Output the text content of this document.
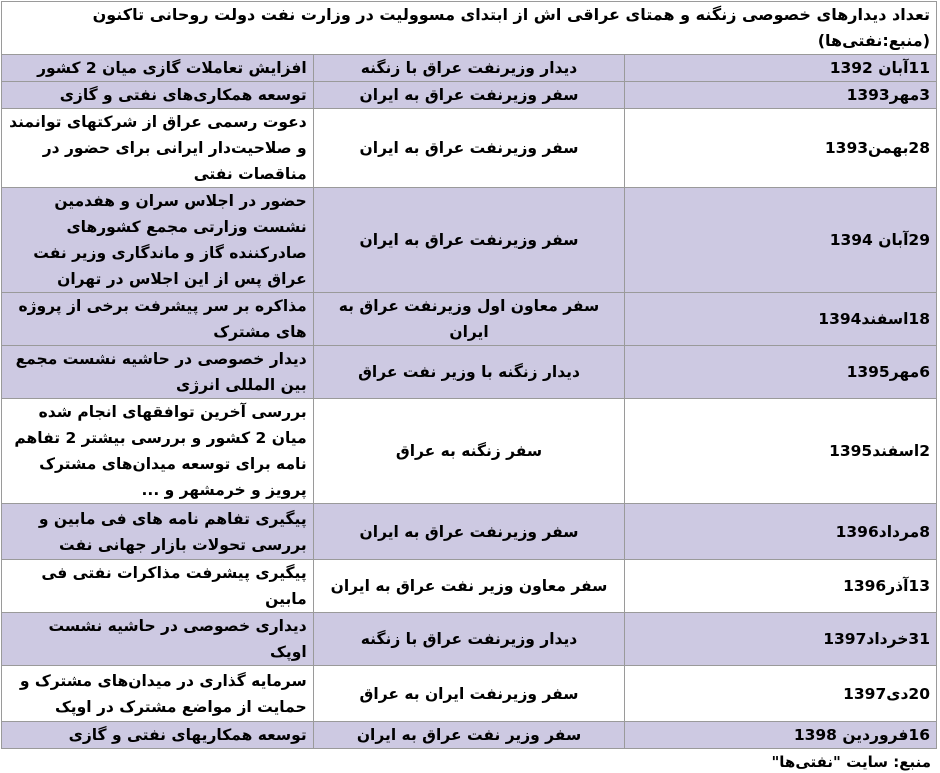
تعداد دیدارهای خصوصی زنگنه و همتای عراقی اش از ابتدای مسوولیت در وزارت نفت دولت روحانی تاکنون (منبع:نفتی‌ها)		
11آبان 1392	دیدار وزیرنفت عراق با زنگنه	افزایش تعاملات گازی میان 2 کشور
3مهر1393	سفر وزیرنفت عراق به ایران	توسعه همکاری‌های نفتی و گازی
28بهمن1393	سفر وزیرنفت عراق به ایران	دعوت رسمی عراق از شرکتهای توانمند و صلاحیت‌دار ایرانی برای حضور در مناقصات نفتی
29آبان 1394	سفر وزیرنفت عراق به ایران	حضور در اجلاس سران و هفدمین نشست وزارتی مجمع کشورهای صادرکننده گاز و ماندگاری وزیر نفت عراق پس از این اجلاس در تهران
18اسفند1394	سفر معاون اول وزیرنفت عراق به ایران	مذاکره بر سر پیشرفت برخی از پروژه های مشترک
6مهر1395	دیدار زنگنه با وزیر نفت عراق	دیدار خصوصی در حاشیه نشست مجمع بین المللی انرژی
2اسفند1395	سفر زنگنه به عراق	بررسی آخرین توافقهای انجام شده میان 2 کشور و بررسی بیشتر 2 تفاهم نامه برای توسعه میدان‌های مشترک پرویز و خرمشهر و ...
8مرداد1396	سفر وزیرنفت عراق به ایران	پیگیری تفاهم نامه های فی مابین و بررسی تحولات بازار جهانی نفت
13آذر1396	سفر معاون وزیر نفت عراق به ایران	پیگیری پیشرفت مذاکرات نفتی فی مابین
31خرداد1397	دیدار وزیرنفت عراق با زنگنه	دیداری خصوصی در حاشیه نشست اوپک
20دی1397	سفر وزیرنفت ایران به عراق	سرمایه گذاری در میدان‌های مشترک و حمایت از مواضع مشترک در اوپک
16فروردین 1398	سفر وزیر نفت عراق به ایران	توسعه همکاریهای نفتی و گازی
منبع: سایت "نفتی‌ها"
